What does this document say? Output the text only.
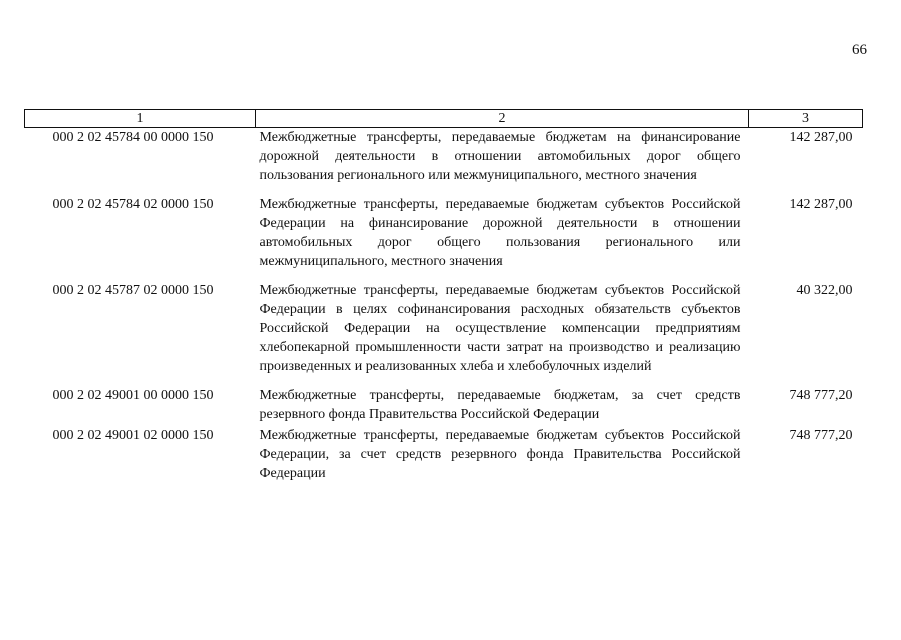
66
1	2	3
000 2 02 45784 00 0000 150	Межбюджетные трансферты, передаваемые бюджетам на финансирование дорожной деятельности в отношении автомобильных дорог общего пользования регионального или межмуниципального, местного значения	142 287,00
000 2 02 45784 02 0000 150	Межбюджетные трансферты, передаваемые бюджетам субъектов Российской Федерации на финансирование дорожной деятельности в отношении автомобильных дорог общего пользования регионального или межмуниципального, местного значения	142 287,00
000 2 02 45787 02 0000 150	Межбюджетные трансферты, передаваемые бюджетам субъектов Российской Федерации в целях софинансирования расходных обязательств субъектов Российской Федерации на осуществление компенсации предприятиям хлебопекарной промышленности части затрат на производство и реализацию произведенных и реализованных хлеба и хлебобулочных изделий	40 322,00
000 2 02 49001 00 0000 150	Межбюджетные трансферты, передаваемые бюджетам, за счет средств резервного фонда Правительства Российской Федерации	748 777,20
000 2 02 49001 02 0000 150	Межбюджетные трансферты, передаваемые бюджетам субъектов Российской Федерации, за счет средств резервного фонда Правительства Российской Федерации	748 777,20
